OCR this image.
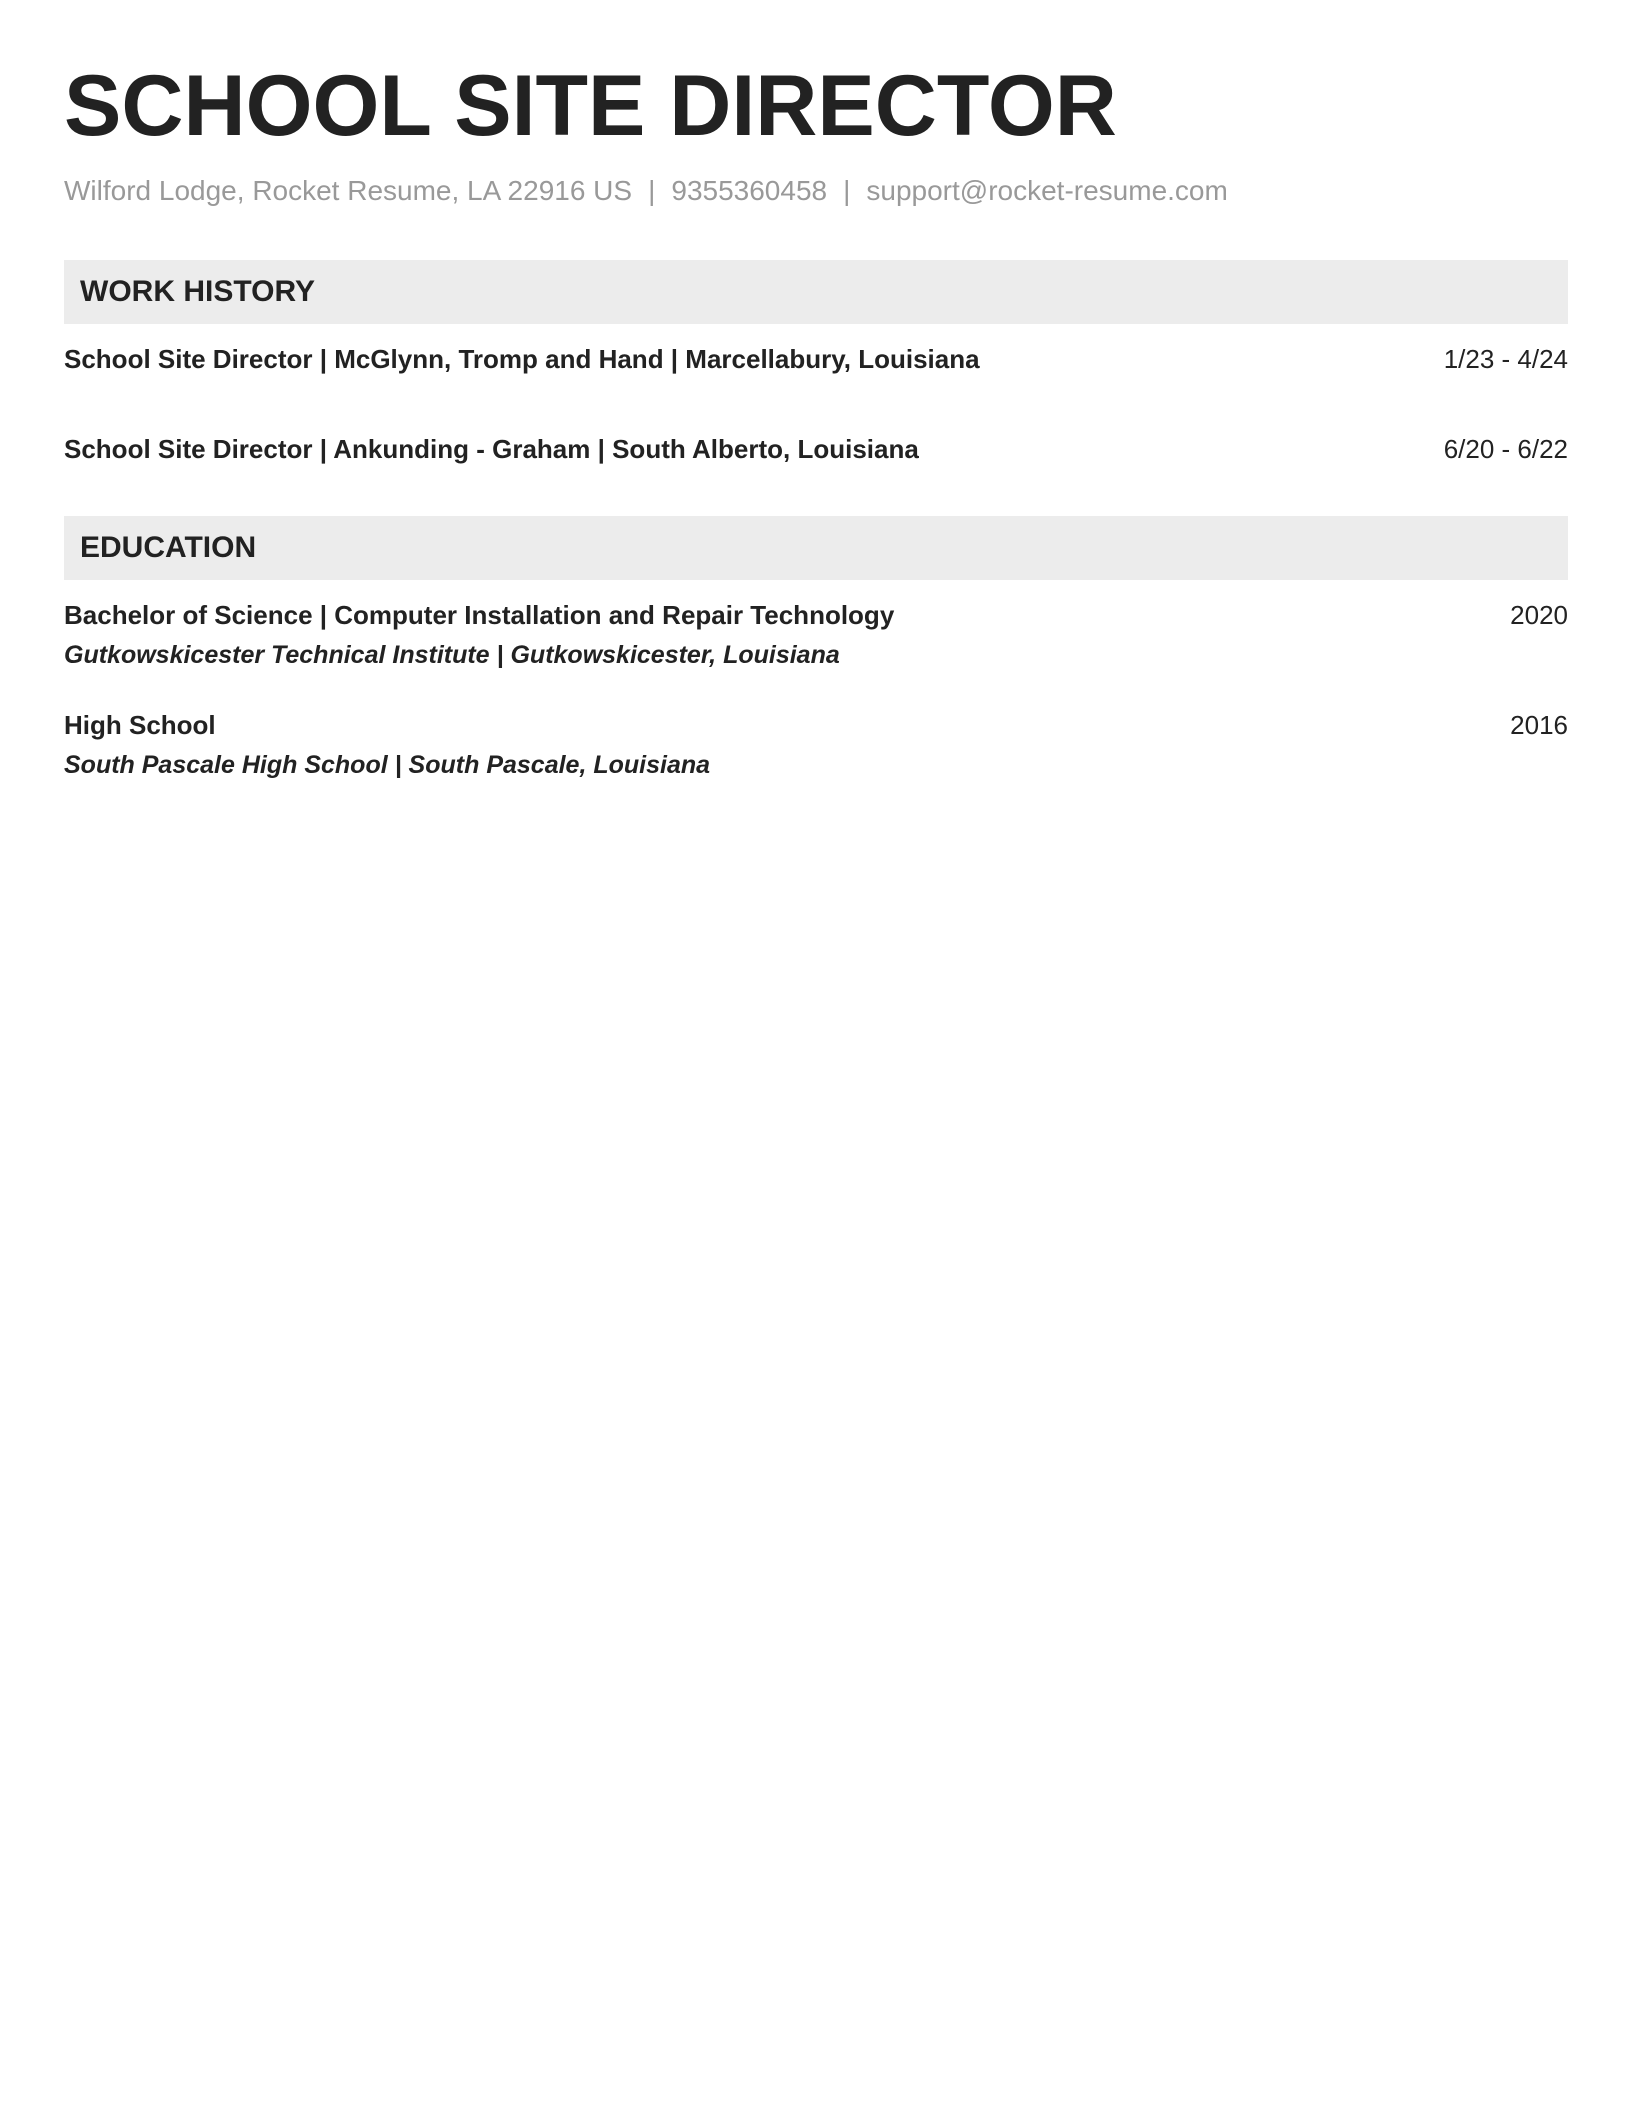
SCHOOL SITE DIRECTOR
Wilford Lodge, Rocket Resume, LA 22916 US | 9355360458 | support@rocket-resume.com
WORK HISTORY
School Site Director | McGlynn, Tromp and Hand | Marcellabury, Louisiana	1/23 - 4/24
School Site Director | Ankunding - Graham | South Alberto, Louisiana	6/20 - 6/22
EDUCATION
Bachelor of Science | Computer Installation and Repair Technology
Gutkowskicester Technical Institute | Gutkowskicester, Louisiana
2020
High School
South Pascale High School | South Pascale, Louisiana
2016
